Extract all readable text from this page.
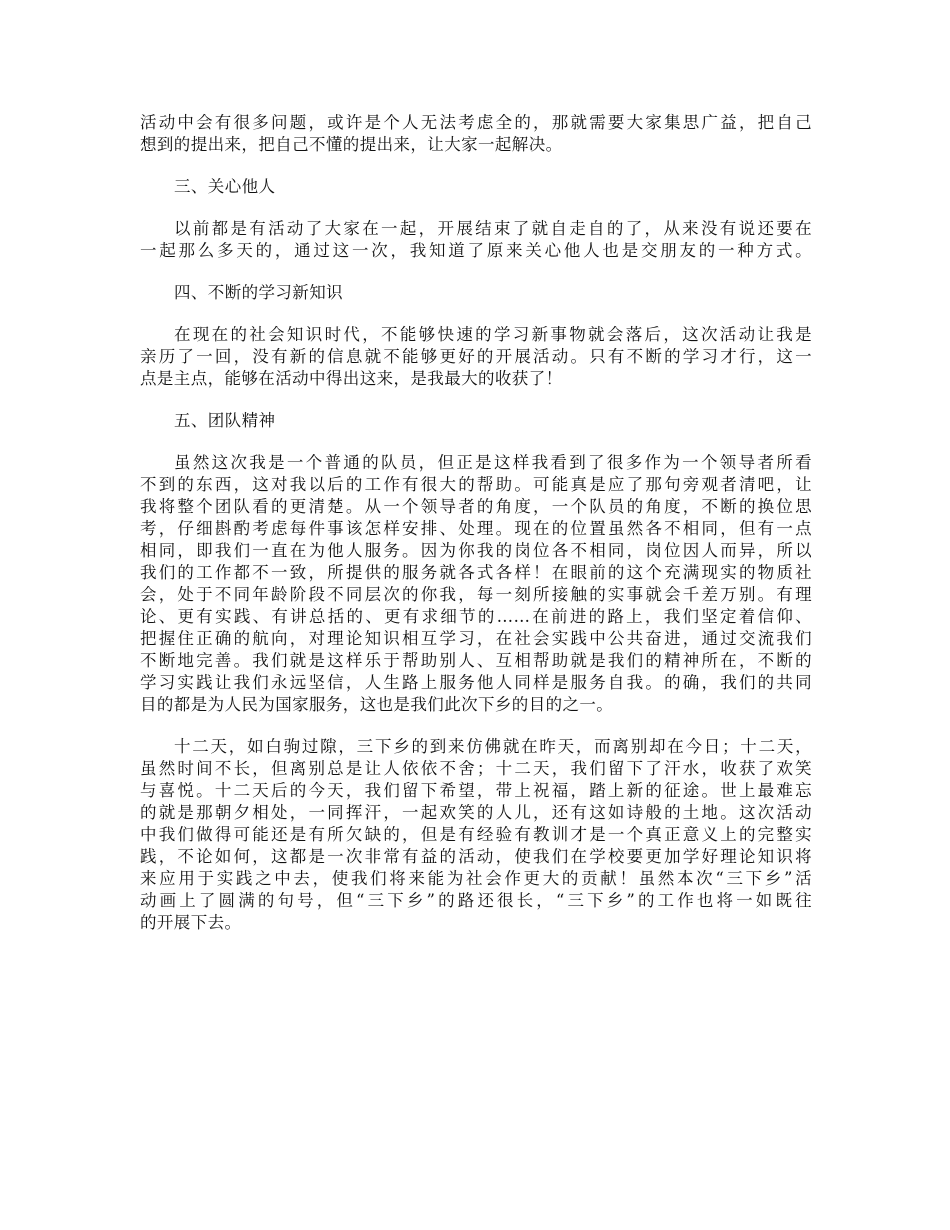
活动中会有很多问题，或许是个人无法考虑全的，那就需要大家集思广益，把自己
想到的提出来，把自己不懂的提出来，让大家一起解决。
三、关心他人
以前都是有活动了大家在一起，开展结束了就自走自的了，从来没有说还要在
一起那么多天的，通过这一次，我知道了原来关心他人也是交朋友的一种方式。
四、不断的学习新知识
在现在的社会知识时代，不能够快速的学习新事物就会落后，这次活动让我是
亲历了一回，没有新的信息就不能够更好的开展活动。只有不断的学习才行，这一
点是主点，能够在活动中得出这来，是我最大的收获了！
五、团队精神
虽然这次我是一个普通的队员，但正是这样我看到了很多作为一个领导者所看
不到的东西，这对我以后的工作有很大的帮助。可能真是应了那句旁观者清吧，让
我将整个团队看的更清楚。从一个领导者的角度，一个队员的角度，不断的换位思
考，仔细斟酌考虑每件事该怎样安排、处理。现在的位置虽然各不相同，但有一点
相同，即我们一直在为他人服务。因为你我的岗位各不相同，岗位因人而异，所以
我们的工作都不一致，所提供的服务就各式各样！在眼前的这个充满现实的物质社
会，处于不同年龄阶段不同层次的你我，每一刻所接触的实事就会千差万别。有理
论、更有实践、有讲总括的、更有求细节的……在前进的路上，我们坚定着信仰、
把握住正确的航向，对理论知识相互学习，在社会实践中公共奋进，通过交流我们
不断地完善。我们就是这样乐于帮助别人、互相帮助就是我们的精神所在，不断的
学习实践让我们永远坚信，人生路上服务他人同样是服务自我。的确，我们的共同
目的都是为人民为国家服务，这也是我们此次下乡的目的之一。
十二天，如白驹过隙，三下乡的到来仿佛就在昨天，而离别却在今日；十二天，
虽然时间不长，但离别总是让人依依不舍；十二天，我们留下了汗水，收获了欢笑
与喜悦。十二天后的今天，我们留下希望，带上祝福，踏上新的征途。世上最难忘
的就是那朝夕相处，一同挥汗，一起欢笑的人儿，还有这如诗般的土地。这次活动
中我们做得可能还是有所欠缺的，但是有经验有教训才是一个真正意义上的完整实
践，不论如何，这都是一次非常有益的活动，使我们在学校要更加学好理论知识将
来应用于实践之中去，使我们将来能为社会作更大的贡献！虽然本次“三下乡”活
动画上了圆满的句号，但“三下乡”的路还很长，“三下乡”的工作也将一如既往
的开展下去。
